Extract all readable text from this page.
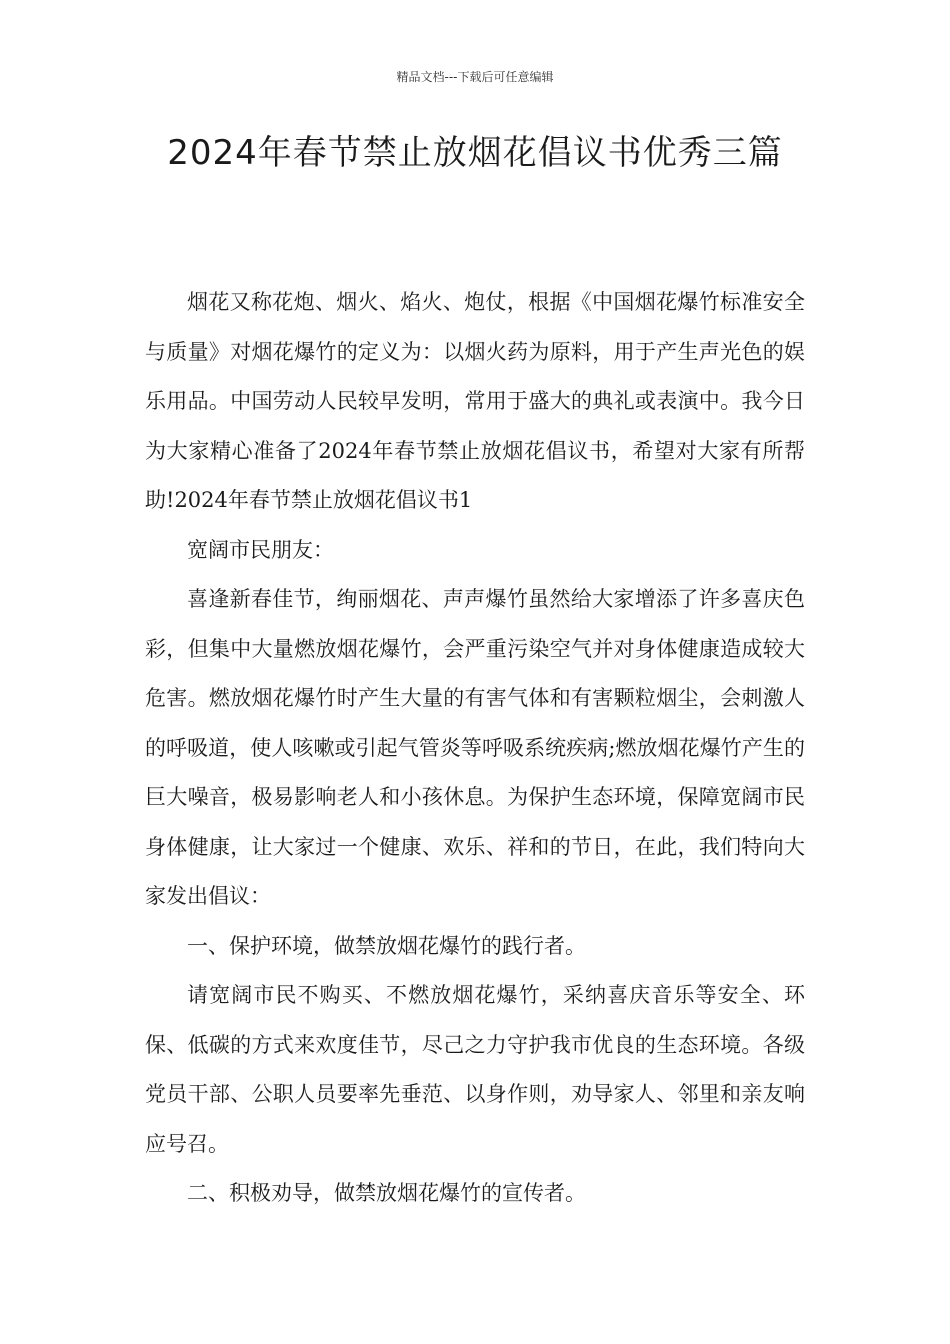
精品文档---下载后可任意编辑
2024年春节禁止放烟花倡议书优秀三篇

烟花又称花炮、烟火、焰火、炮仗，根据《中国烟花爆竹标准安全与质量》对烟花爆竹的定义为：以烟火药为原料，用于产生声光色的娱乐用品。中国劳动人民较早发明，常用于盛大的典礼或表演中。我今日为大家精心准备了2024年春节禁止放烟花倡议书，希望对大家有所帮助!2024年春节禁止放烟花倡议书1

宽阔市民朋友：

喜逢新春佳节，绚丽烟花、声声爆竹虽然给大家增添了许多喜庆色彩，但集中大量燃放烟花爆竹，会严重污染空气并对身体健康造成较大危害。燃放烟花爆竹时产生大量的有害气体和有害颗粒烟尘，会刺激人的呼吸道，使人咳嗽或引起气管炎等呼吸系统疾病;燃放烟花爆竹产生的巨大噪音，极易影响老人和小孩休息。为保护生态环境，保障宽阔市民身体健康，让大家过一个健康、欢乐、祥和的节日，在此，我们特向大家发出倡议：

一、保护环境，做禁放烟花爆竹的践行者。

请宽阔市民不购买、不燃放烟花爆竹，采纳喜庆音乐等安全、环保、低碳的方式来欢度佳节，尽己之力守护我市优良的生态环境。各级党员干部、公职人员要率先垂范、以身作则，劝导家人、邻里和亲友响应号召。

二、积极劝导，做禁放烟花爆竹的宣传者。
